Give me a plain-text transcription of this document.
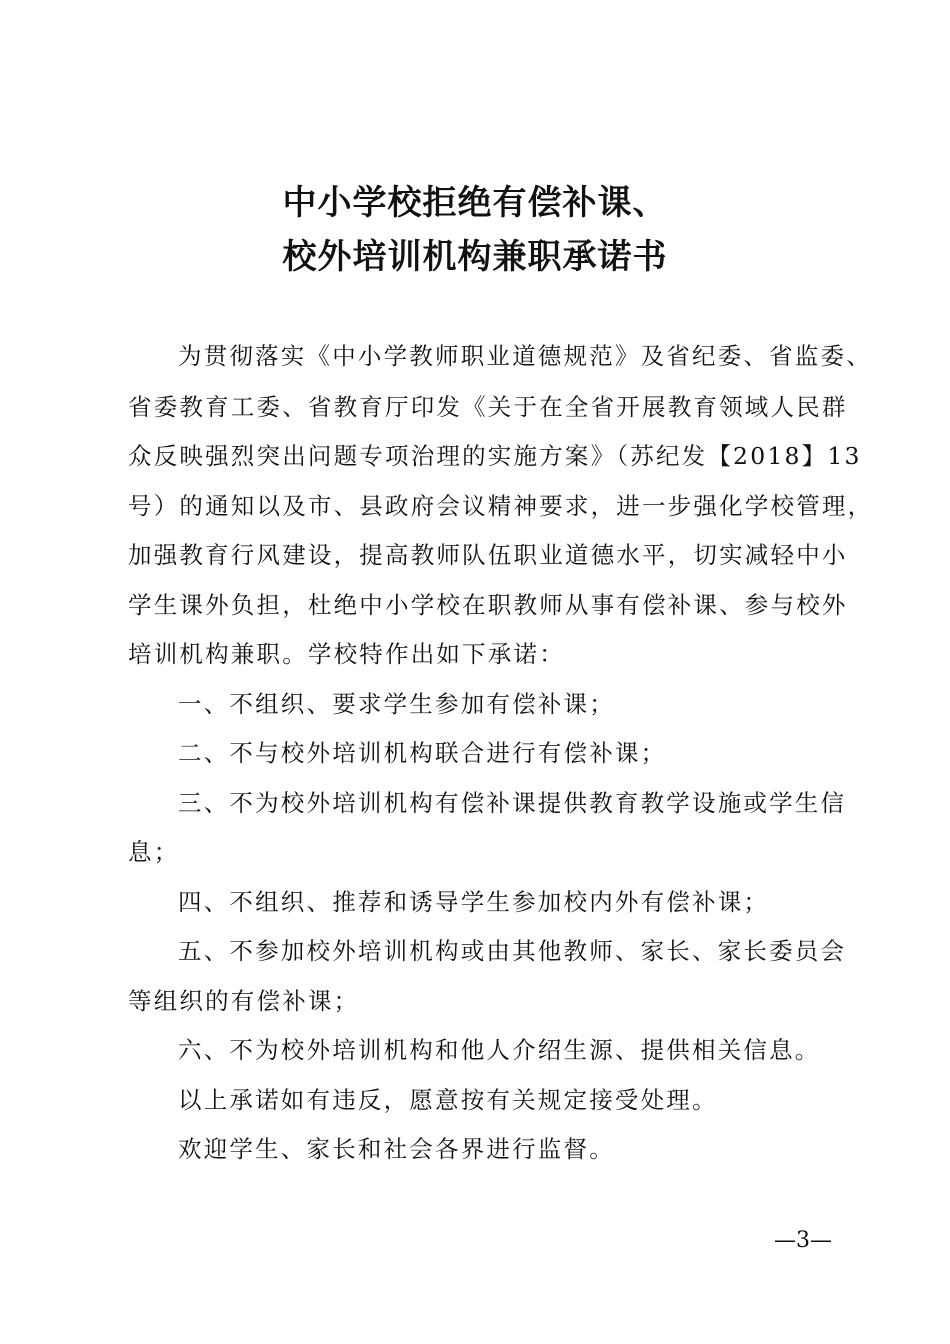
中小学校拒绝有偿补课、
校外培训机构兼职承诺书
为贯彻落实《中小学教师职业道德规范》及省纪委、省监委、
省委教育工委、省教育厅印发《关于在全省开展教育领域人民群
众反映强烈突出问题专项治理的实施方案》（苏纪发【2018】13
号）的通知以及市、县政府会议精神要求，进一步强化学校管理，
加强教育行风建设，提高教师队伍职业道德水平，切实减轻中小
学生课外负担，杜绝中小学校在职教师从事有偿补课、参与校外
培训机构兼职。学校特作出如下承诺：
一、不组织、要求学生参加有偿补课；
二、不与校外培训机构联合进行有偿补课；
三、不为校外培训机构有偿补课提供教育教学设施或学生信
息；
四、不组织、推荐和诱导学生参加校内外有偿补课；
五、不参加校外培训机构或由其他教师、家长、家长委员会
等组织的有偿补课；
六、不为校外培训机构和他人介绍生源、提供相关信息。
以上承诺如有违反，愿意按有关规定接受处理。
欢迎学生、家长和社会各界进行监督。
—3—
